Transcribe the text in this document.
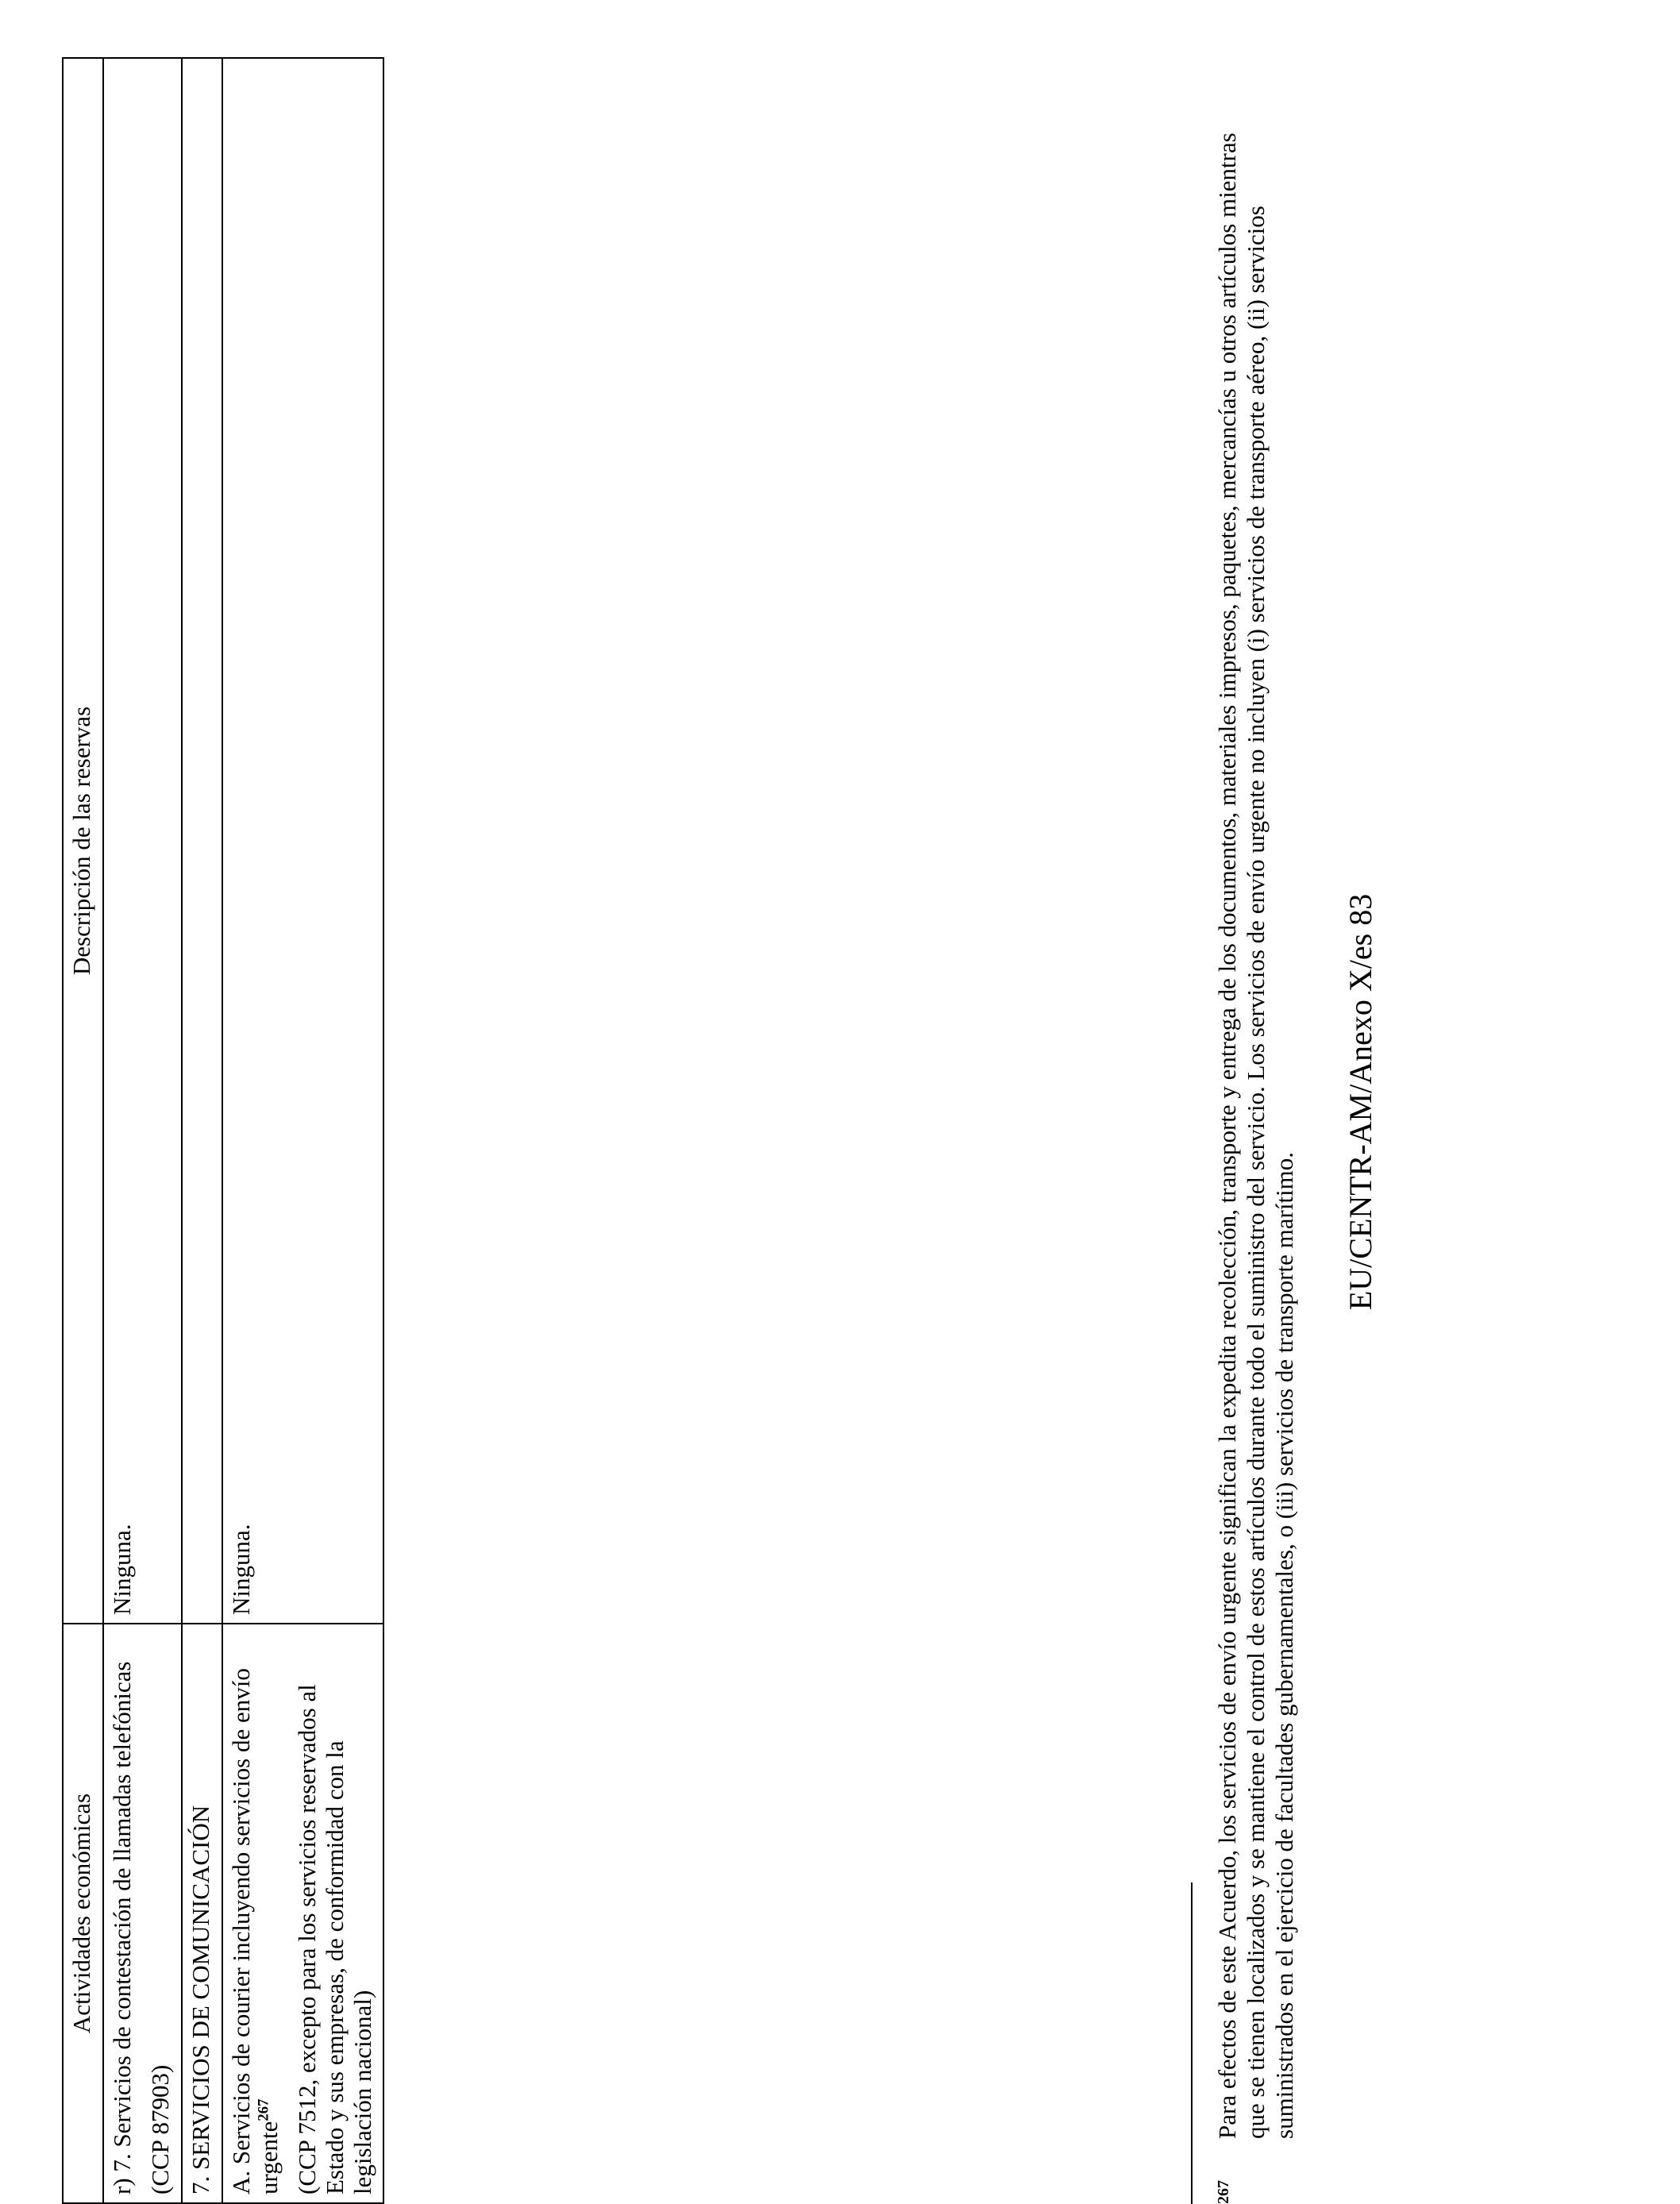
Actividades económicas	Descripción de las reservas

r) 7. Servicios de contestación de llamadas telefónicas (CCP 87903)	Ninguna.
7. SERVICIOS DE COMUNICACIÓN	

A. Servicios de courier incluyendo servicios de envío urgente$^{267}$ (CCP 7512, excepto para los servicios reservados al Estado y sus empresas, de conformidad con la legislación nacional)	Ninguna.
267
Para efectos de este Acuerdo, los servicios de envío urgente significan la expedita recolección, transporte y entrega de los documentos, materiales impresos, paquetes, mercancías u otros artículos mientras que se tienen localizados y se mantiene el control de estos artículos durante todo el suministro del servicio. Los servicios de envío urgente no incluyen (i) servicios de transporte aéreo, (ii) servicios suministrados en el ejercicio de facultades gubernamentales, o (iii) servicios de transporte marítimo.
EU/CENTR-AM/Anexo X/es 83
